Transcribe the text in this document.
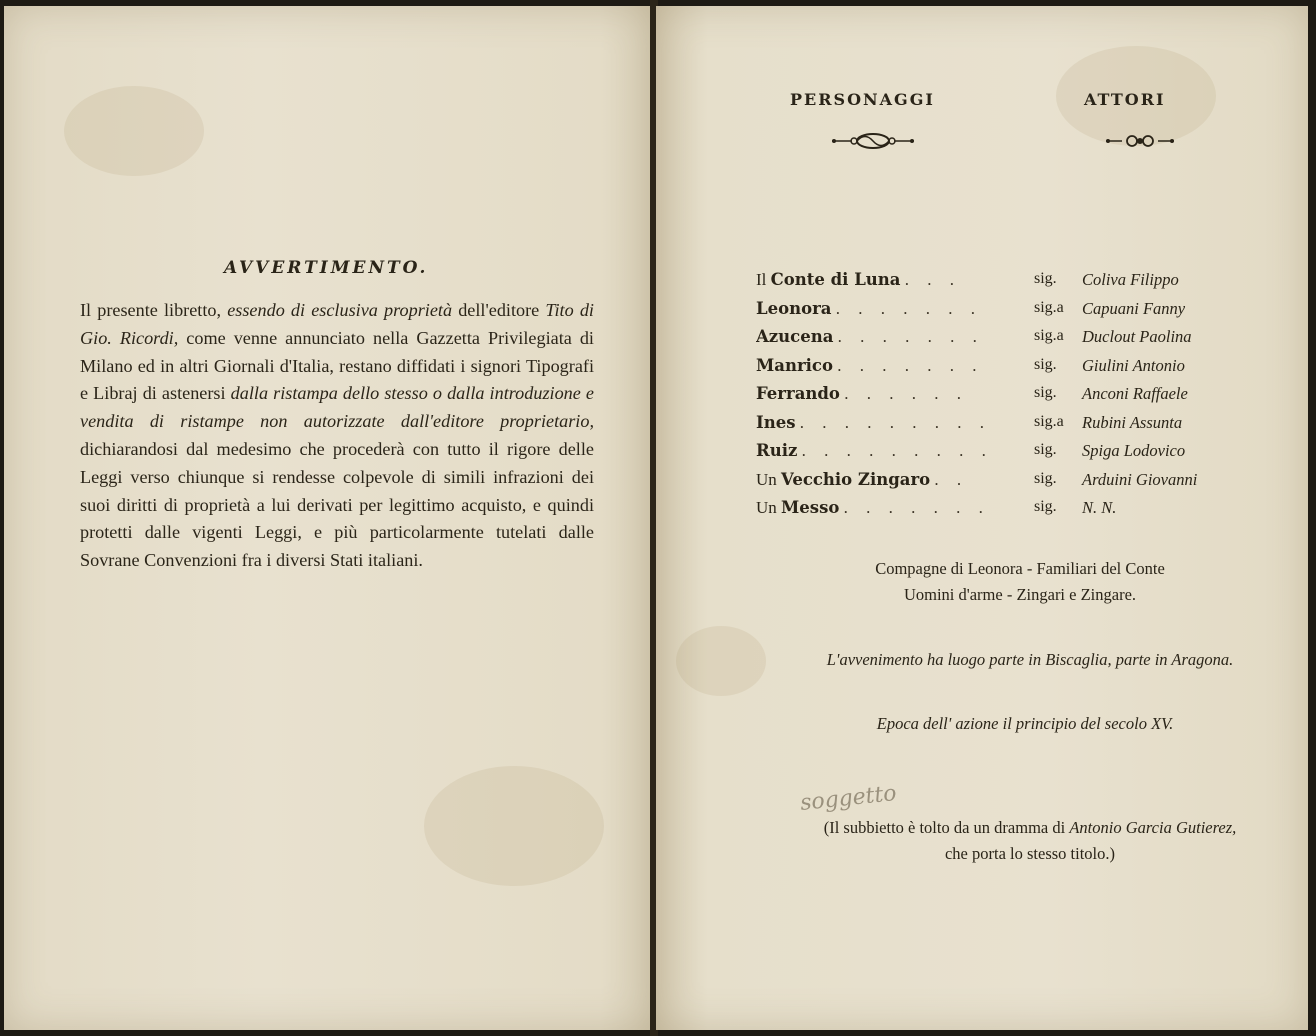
AVVERTIMENTO.
Il presente libretto, essendo di esclusiva proprietà dell'editore Tito di Gio. Ricordi, come venne annunciato nella Gazzetta Privilegiata di Milano ed in altri Giornali d'Italia, restano diffidati i signori Tipografi e Libraj di astenersi dalla ristampa dello stesso o dalla introduzione e vendita di ristampe non autorizzate dall'editore proprietario, dichiarandosi dal medesimo che procederà con tutto il rigore delle Leggi verso chiunque si rendesse colpevole di simili infrazioni dei suoi diritti di proprietà a lui derivati per legittimo acquisto, e quindi protetti dalle vigenti Leggi, e più particolarmente tutelati dalle Sovrane Convenzioni fra i diversi Stati italiani.
PERSONAGGI	ATTORI
Il Conte di Luna . . .	sig. Coliva Filippo
Leonora . . . . . . .	sig.a Capuani Fanny
Azucena . . . . . . .	sig.a Duclout Paolina
Manrico . . . . . . .	sig. Giulini Antonio
Ferrando . . . . . .	sig. Anconi Raffaele
Ines . . . . . . . . .	sig.a Rubini Assunta
Ruiz . . . . . . . . .	sig. Spiga Lodovico
Un Vecchio Zingaro . .	sig. Arduini Giovanni
Un Messo . . . . . . .	sig. N. N.
Compagne di Leonora - Familiari del Conte
Uomini d'arme - Zingari e Zingare.
L'avvenimento ha luogo parte in Biscaglia, parte in Aragona.
Epoca dell' azione il principio del secolo XV.
soggetto
(Il subbietto è tolto da un dramma di Antonio Garcia Gutierez,
che porta lo stesso titolo.)
